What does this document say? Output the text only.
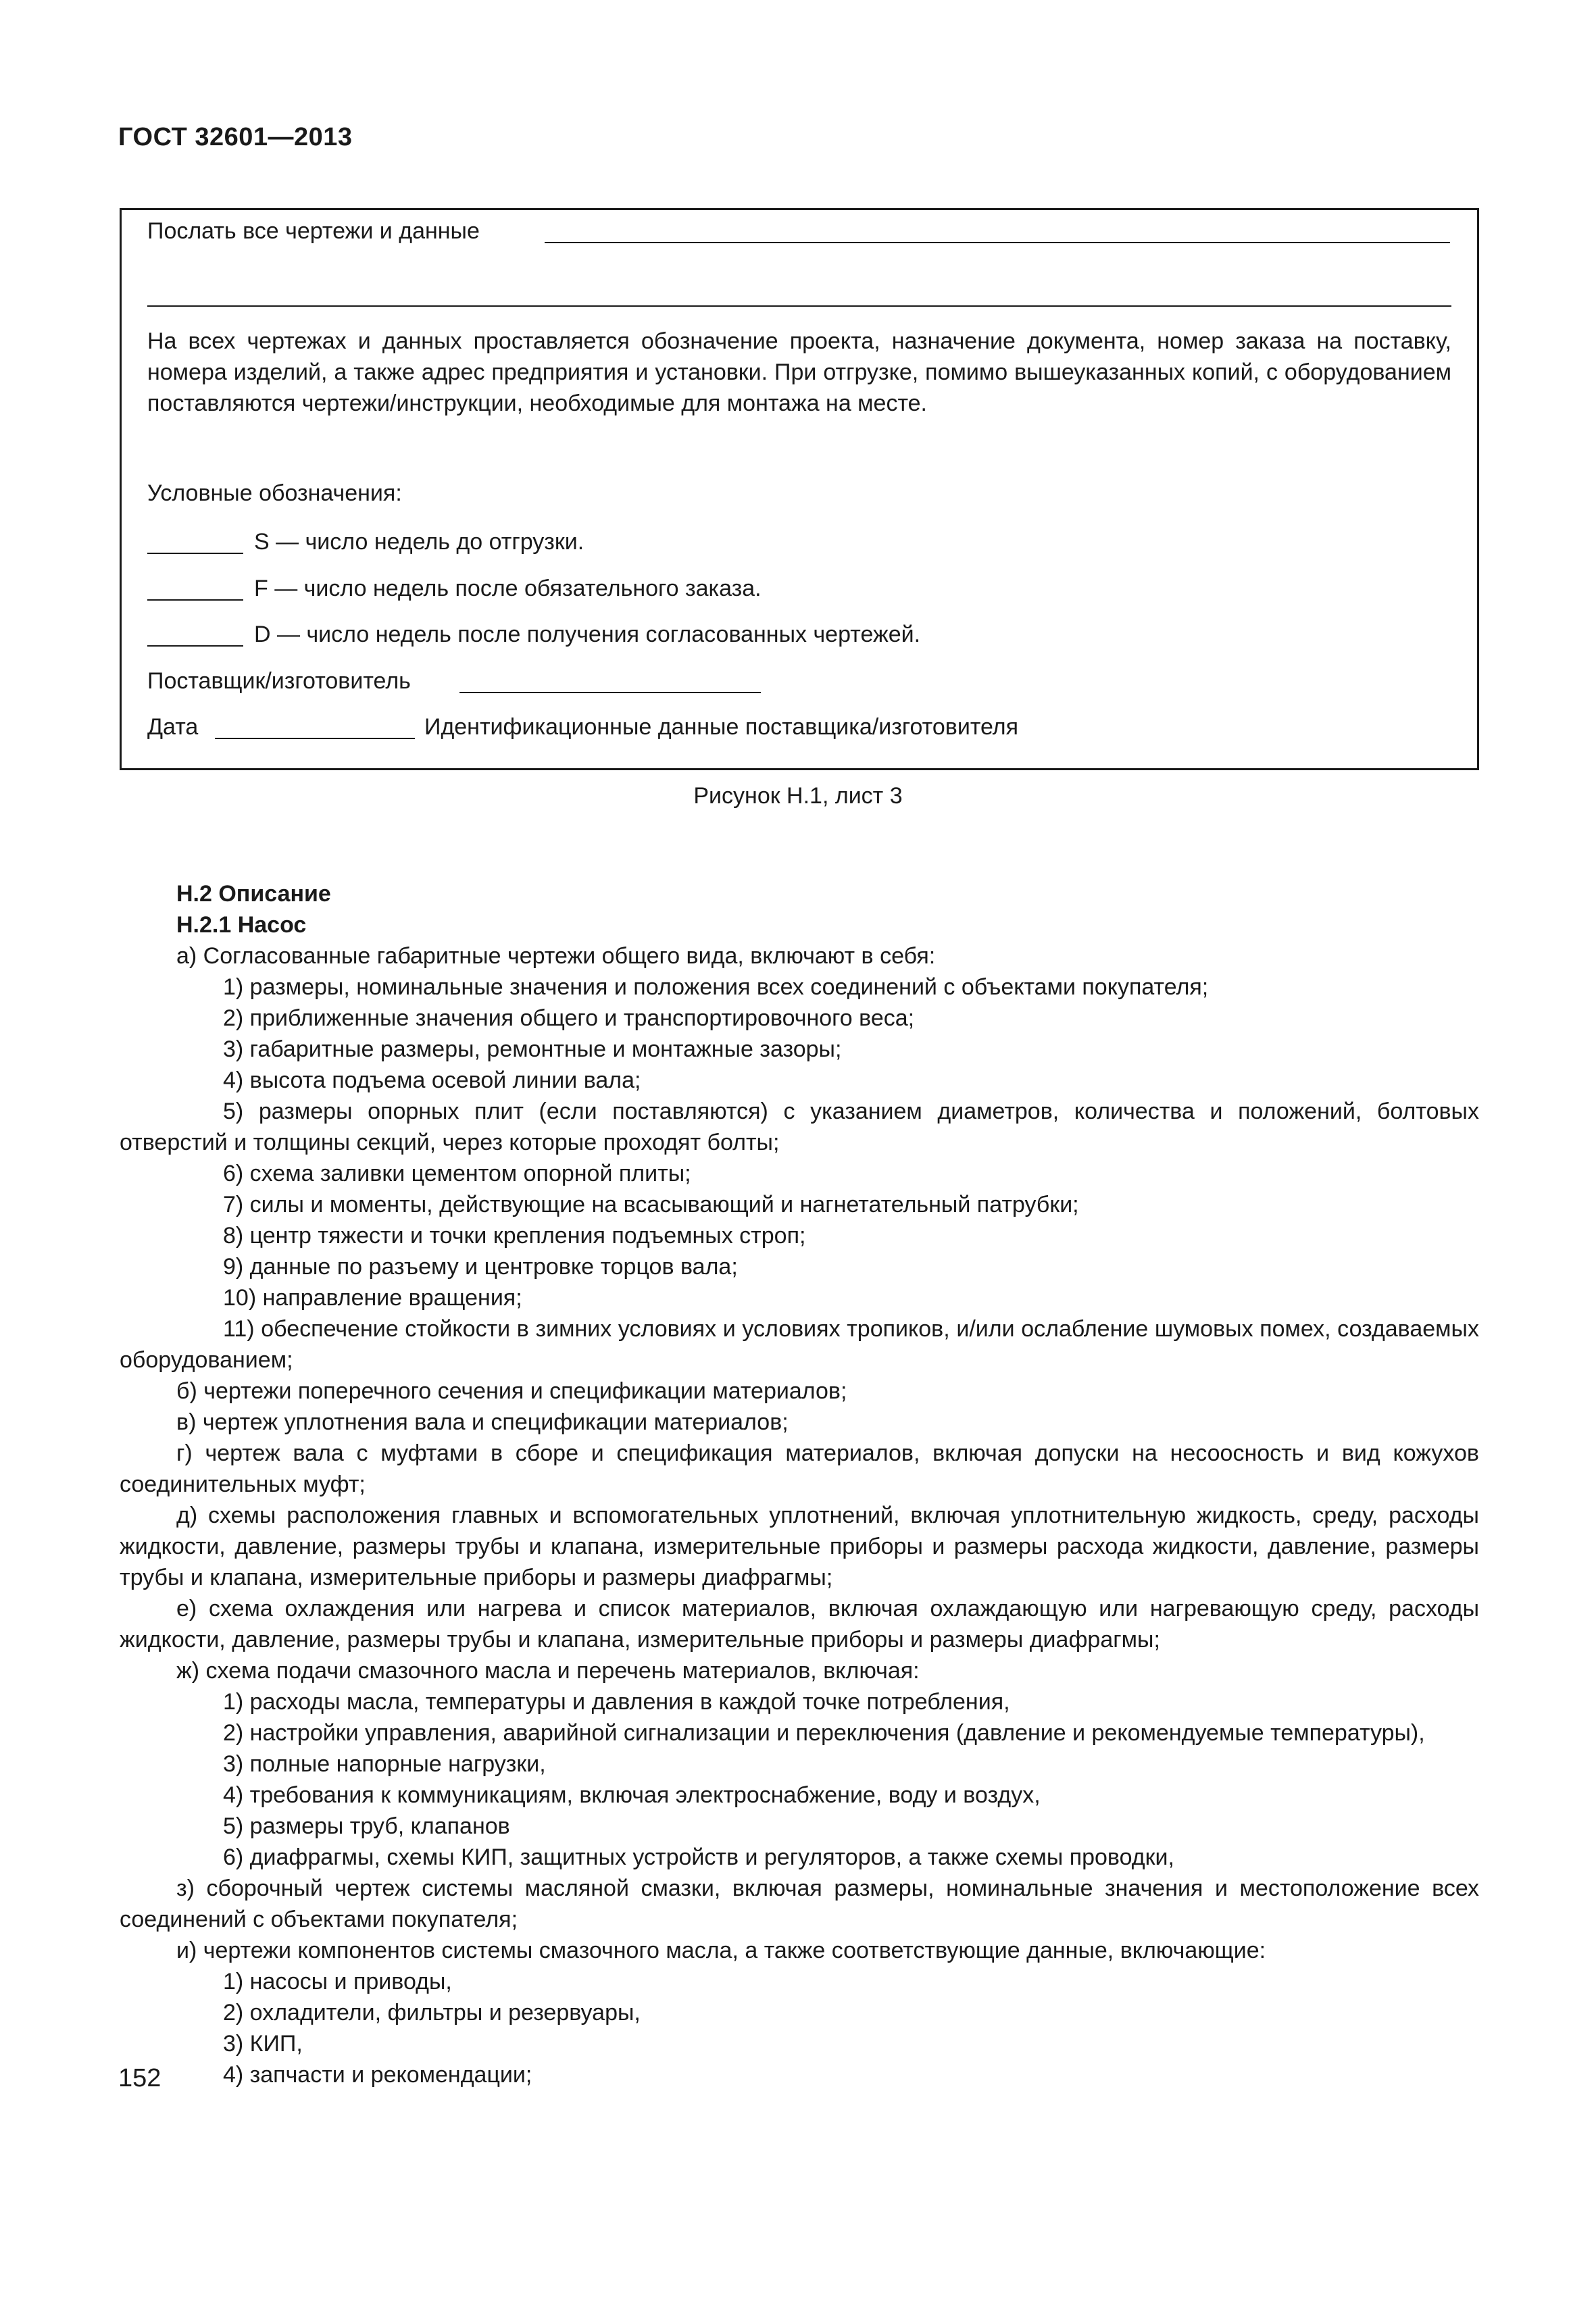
ГОСТ 32601—2013
Послать все чертежи и данные
На всех чертежах и данных проставляется обозначение проекта, назначение документа, номер заказа на поставку, номера изделий, а также адрес предприятия и установки. При отгрузке, помимо вышеуказанных копий, с оборудованием поставляются чертежи/инструкции, необходимые для монтажа на месте.
Условные обозначения:
S — число недель до отгрузки.
F — число недель после обязательного заказа.
D — число недель после получения согласованных чертежей.
Поставщик/изготовитель
Дата	Идентификационные данные поставщика/изготовителя
Рисунок Н.1, лист 3

Н.2 Описание

Н.2.1 Насос

а) Согласованные габаритные чертежи общего вида, включают в себя:

1) размеры, номинальные значения и положения всех соединений с объектами покупателя;

2) приближенные значения общего и транспортировочного веса;

3) габаритные размеры, ремонтные и монтажные зазоры;

4) высота подъема осевой линии вала;

5) размеры опорных плит (если поставляются) с указанием диаметров, количества и положений, болтовых отверстий и толщины секций, через которые проходят болты;

6) схема заливки цементом опорной плиты;

7) силы и моменты, действующие на всасывающий и нагнетательный патрубки;

8) центр тяжести и точки крепления подъемных строп;

9) данные по разъему и центровке торцов вала;

10) направление вращения;

11) обеспечение стойкости в зимних условиях и условиях тропиков, и/или ослабление шумовых помех, создаваемых оборудованием;

б) чертежи поперечного сечения и спецификации материалов;

в) чертеж уплотнения вала и спецификации материалов;

г) чертеж вала с муфтами в сборе и спецификация материалов, включая допуски на несоосность и вид кожухов соединительных муфт;

д) схемы расположения главных и вспомогательных уплотнений, включая уплотнительную жидкость, среду, расходы жидкости, давление, размеры трубы и клапана, измерительные приборы и размеры расхода жидкости, давление, размеры трубы и клапана, измерительные приборы и размеры диафрагмы;

е) схема охлаждения или нагрева и список материалов, включая охлаждающую или нагревающую среду, расходы жидкости, давление, размеры трубы и клапана, измерительные приборы и размеры диафрагмы;

ж) схема подачи смазочного масла и перечень материалов, включая:

1) расходы масла, температуры и давления в каждой точке потребления,

2) настройки управления, аварийной сигнализации и переключения (давление и рекомендуемые температуры),

3) полные напорные нагрузки,

4) требования к коммуникациям, включая электроснабжение, воду и воздух,

5) размеры труб, клапанов

6) диафрагмы, схемы КИП, защитных устройств и регуляторов, а также схемы проводки,

з) сборочный чертеж системы масляной смазки, включая размеры, номинальные значения и местоположение всех соединений с объектами покупателя;

и) чертежи компонентов системы смазочного масла, а также соответствующие данные, включающие:

1) насосы и приводы,

2) охладители, фильтры и резервуары,

3) КИП,

4) запчасти и рекомендации;

152
